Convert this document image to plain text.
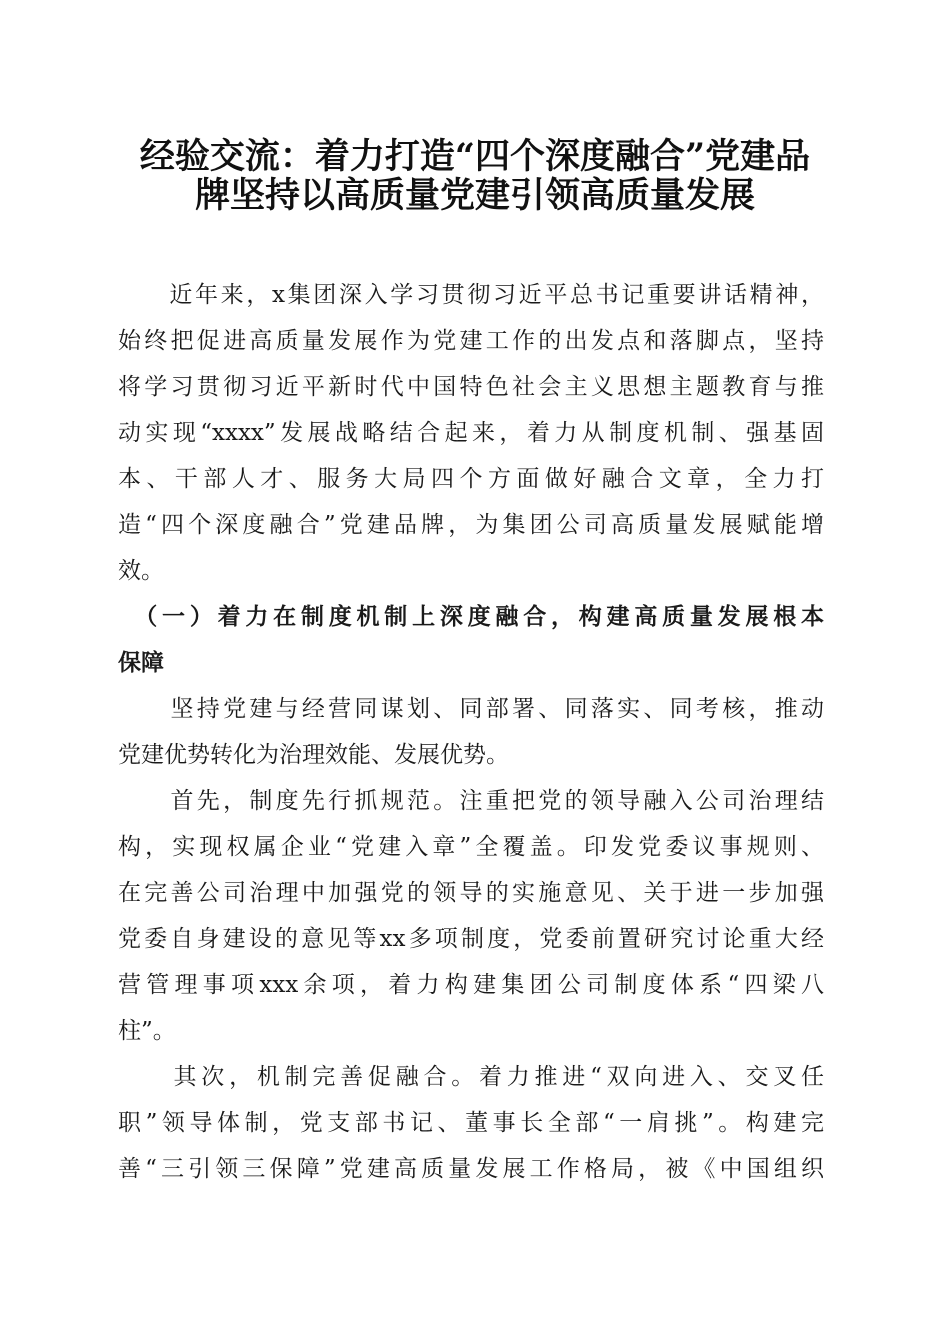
经验交流：着力打造“四个深度融合”党建品
牌坚持以高质量党建引领高质量发展
　　近年来，x集团深入学习贯彻习近平总书记重要讲话精神，
始终把促进高质量发展作为党建工作的出发点和落脚点，坚持
将学习贯彻习近平新时代中国特色社会主义思想主题教育与推
动实现“xxxx”发展战略结合起来，着力从制度机制、强基固
本、干部人才、服务大局四个方面做好融合文章，全力打
造“四个深度融合”党建品牌，为集团公司高质量发展赋能增
效。
　（一）着力在制度机制上深度融合，构建高质量发展根本
保障
　　坚持党建与经营同谋划、同部署、同落实、同考核，推动
党建优势转化为治理效能、发展优势。
　　首先，制度先行抓规范。注重把党的领导融入公司治理结
构，实现权属企业“党建入章”全覆盖。印发党委议事规则、
在完善公司治理中加强党的领导的实施意见、关于进一步加强
党委自身建设的意见等xx多项制度，党委前置研究讨论重大经
营管理事项xxx余项，着力构建集团公司制度体系“四梁八
柱”。
　　其次，机制完善促融合。着力推进“双向进入、交叉任
职”领导体制，党支部书记、董事长全部“一肩挑”。构建完
善“三引领三保障”党建高质量发展工作格局，被《中国组织
